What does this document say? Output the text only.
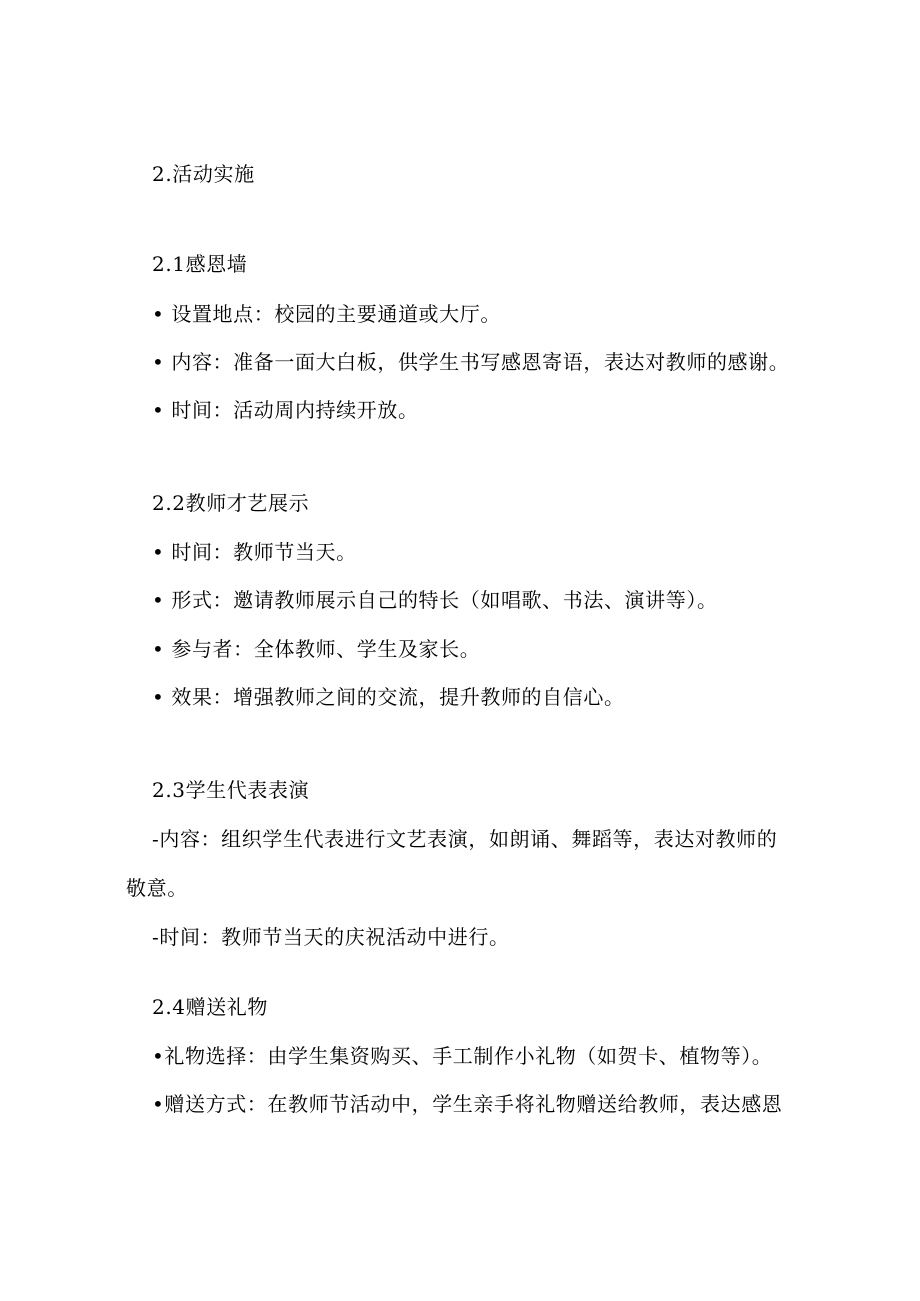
2.活动实施
2.1感恩墙
• 设置地点：校园的主要通道或大厅。
• 内容：准备一面大白板，供学生书写感恩寄语，表达对教师的感谢。
• 时间：活动周内持续开放。
2.2教师才艺展示
• 时间：教师节当天。
• 形式：邀请教师展示自己的特长（如唱歌、书法、演讲等）。
• 参与者：全体教师、学生及家长。
• 效果：增强教师之间的交流，提升教师的自信心。
2.3学生代表表演
-内容：组织学生代表进行文艺表演，如朗诵、舞蹈等，表达对教师的
敬意。
-时间：教师节当天的庆祝活动中进行。
2.4赠送礼物
•礼物选择：由学生集资购买、手工制作小礼物（如贺卡、植物等）。
•赠送方式：在教师节活动中，学生亲手将礼物赠送给教师，表达感恩
